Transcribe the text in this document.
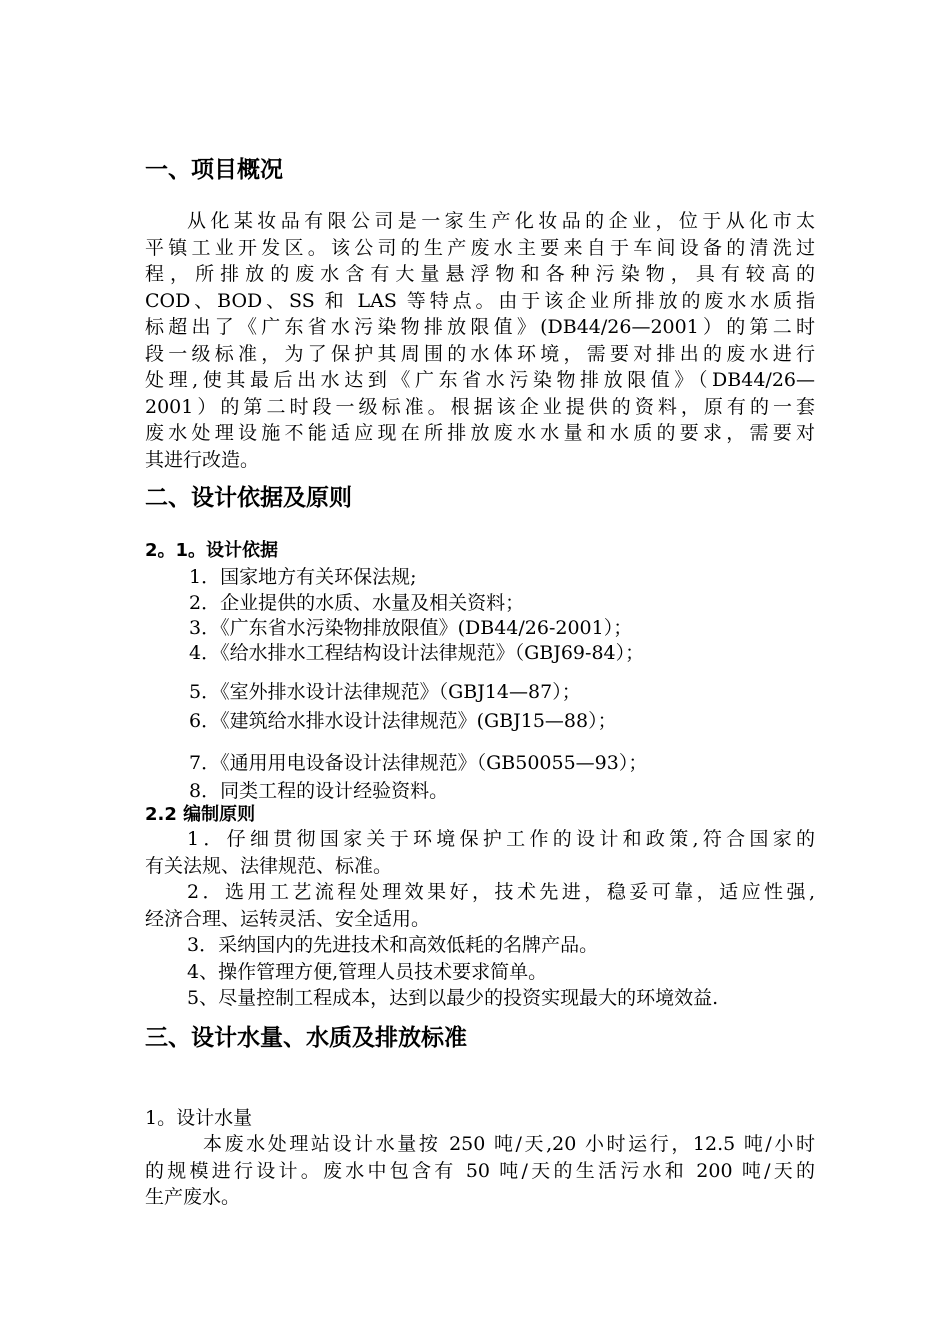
一、项目概况
从化某妆品有限公司是一家生产化妆品的企业，位于从化市太
平镇工业开发区。该公司的生产废水主要来自于车间设备的清洗过
程，所排放的废水含有大量悬浮物和各种污染物，具有较高的
COD、BOD、SS 和 LAS 等特点。由于该企业所排放的废水水质指
标超出了《广东省水污染物排放限值》(DB44/26—2001）的第二时
段一级标准，为了保护其周围的水体环境，需要对排出的废水进行
处理,使其最后出水达到《广东省水污染物排放限值》（DB44/26—
2001）的第二时段一级标准。根据该企业提供的资料，原有的一套
废水处理设施不能适应现在所排放废水水量和水质的要求，需要对
其进行改造。
二、设计依据及原则
2。1。设计依据
1．国家地方有关环保法规;
2．企业提供的水质、水量及相关资料；
3．《广东省水污染物排放限值》(DB44/26-2001）；
4．《给水排水工程结构设计法律规范》（GBJ69-84）；
5．《室外排水设计法律规范》（GBJ14—87）；
6．《建筑给水排水设计法律规范》(GBJ15—88）；
7．《通用用电设备设计法律规范》（GB50055—93）；
8．同类工程的设计经验资料。
2.2 编制原则
1．仔细贯彻国家关于环境保护工作的设计和政策,符合国家的
有关法规、法律规范、标准。
2．选用工艺流程处理效果好，技术先进，稳妥可靠，适应性强,
经济合理、运转灵活、安全适用。
3．采纳国内的先进技术和高效低耗的名牌产品。
4、操作管理方便,管理人员技术要求简单。
5、尽量控制工程成本，达到以最少的投资实现最大的环境效益.
三、设计水量、水质及排放标准
1。设计水量
本废水处理站设计水量按 250 吨/天,20 小时运行，12.5 吨/小时
的规模进行设计。废水中包含有 50 吨/天的生活污水和 200 吨/天的
生产废水。
